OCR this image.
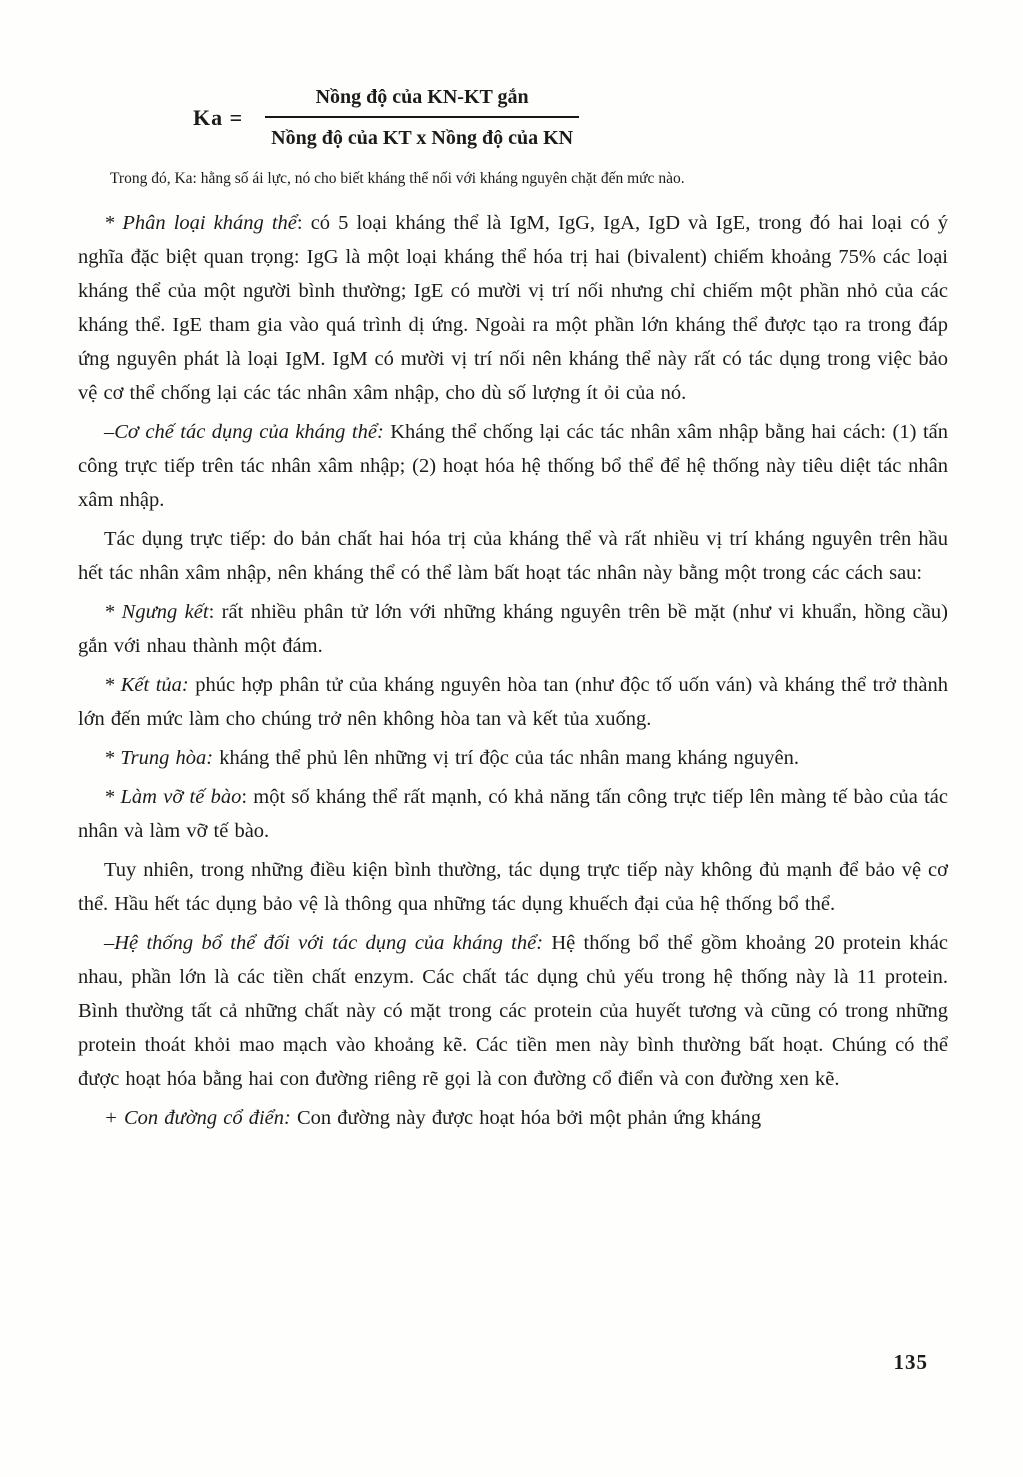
$Ka = \frac{\text{Nồng độ của KN-KT gắn}}{\text{Nồng độ của KT x Nồng độ của KN}}$

Trong đó, Ka: hằng số ái lực, nó cho biết kháng thể nối với kháng nguyên chặt đến mức nào.

* Phân loại kháng thể: có 5 loại kháng thể là IgM, IgG, IgA, IgD và IgE, trong đó hai loại có ý nghĩa đặc biệt quan trọng: IgG là một loại kháng thể hóa trị hai (bivalent) chiếm khoảng 75% các loại kháng thể của một người bình thường; IgE có mười vị trí nối nhưng chỉ chiếm một phần nhỏ của các kháng thể. IgE tham gia vào quá trình dị ứng. Ngoài ra một phần lớn kháng thể được tạo ra trong đáp ứng nguyên phát là loại IgM. IgM có mười vị trí nối nên kháng thể này rất có tác dụng trong việc bảo vệ cơ thể chống lại các tác nhân xâm nhập, cho dù số lượng ít ỏi của nó.

–Cơ chế tác dụng của kháng thể: Kháng thể chống lại các tác nhân xâm nhập bằng hai cách: (1) tấn công trực tiếp trên tác nhân xâm nhập; (2) hoạt hóa hệ thống bổ thể để hệ thống này tiêu diệt tác nhân xâm nhập.

Tác dụng trực tiếp: do bản chất hai hóa trị của kháng thể và rất nhiều vị trí kháng nguyên trên hầu hết tác nhân xâm nhập, nên kháng thể có thể làm bất hoạt tác nhân này bằng một trong các cách sau:

* Ngưng kết: rất nhiều phân tử lớn với những kháng nguyên trên bề mặt (như vi khuẩn, hồng cầu) gắn với nhau thành một đám.

* Kết tủa: phúc hợp phân tử của kháng nguyên hòa tan (như độc tố uốn ván) và kháng thể trở thành lớn đến mức làm cho chúng trở nên không hòa tan và kết tủa xuống.

* Trung hòa: kháng thể phủ lên những vị trí độc của tác nhân mang kháng nguyên.

* Làm vỡ tế bào: một số kháng thể rất mạnh, có khả năng tấn công trực tiếp lên màng tế bào của tác nhân và làm vỡ tế bào.

Tuy nhiên, trong những điều kiện bình thường, tác dụng trực tiếp này không đủ mạnh để bảo vệ cơ thể. Hầu hết tác dụng bảo vệ là thông qua những tác dụng khuếch đại của hệ thống bổ thể.

–Hệ thống bổ thể đối với tác dụng của kháng thể: Hệ thống bổ thể gồm khoảng 20 protein khác nhau, phần lớn là các tiền chất enzym. Các chất tác dụng chủ yếu trong hệ thống này là 11 protein. Bình thường tất cả những chất này có mặt trong các protein của huyết tương và cũng có trong những protein thoát khỏi mao mạch vào khoảng kẽ. Các tiền men này bình thường bất hoạt. Chúng có thể được hoạt hóa bằng hai con đường riêng rẽ gọi là con đường cổ điển và con đường xen kẽ.

+ Con đường cổ điển: Con đường này được hoạt hóa bởi một phản ứng kháng

135
